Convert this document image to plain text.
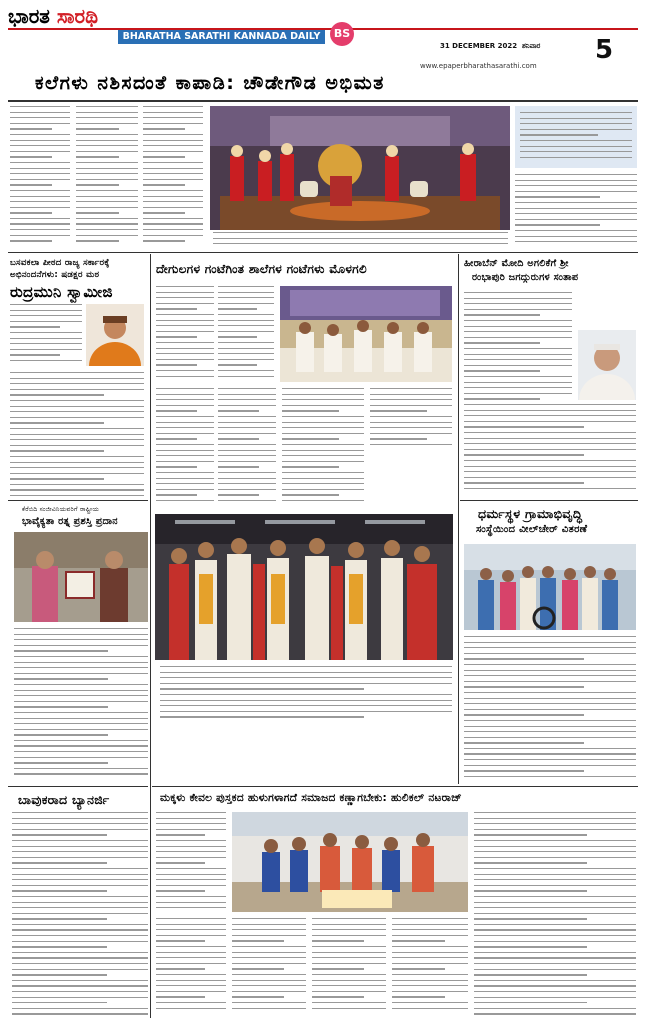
ಭಾರತ ಸಾರಥಿ
BHARATHA SARATHI KANNADA DAILY	BS
31 DECEMBER 2022 ಶನಿವಾರ 5
www.epaperbharathasarathi.com
ಕಲೆಗಳು ನಶಿಸದಂತೆ ಕಾಪಾಡಿ: ಚೌಡೇಗೌಡ ಅಭಿಮತ
ಬಸವಕಲಾ ಪೀಠದ ರಾಜ್ಯ ಸರ್ಕಾರಕ್ಕೆ
ಅಭಿನಂದನೆಗಳು: ಷಡಕ್ಷರ ಮಠ
ರುದ್ರಮುನಿ ಸ್ವಾಮೀಜಿ
ಕೆರೆಬಿದಿ ಸಂಜೀವಿನಿಯವರಿಗೆ ರಾಷ್ಟ್ರೀಯ
ಭಾವೈಕ್ಯತಾ ರತ್ನ ಪ್ರಶಸ್ತಿ ಪ್ರದಾನ
ಬಾವುಕರಾದ ಬ್ಯಾನರ್ಜಿ
ದೇಗುಲಗಳ ಗಂಟೆಗಿಂತ ಶಾಲೆಗಳ ಗಂಟೆಗಳು ಮೊಳಗಲಿ
ಮಕ್ಕಳು ಕೇವಲ ಪುಸ್ತಕದ ಹುಳುಗಳಾಗದೆ ಸಮಾಜದ ಕಣ್ಣಾಗಬೇಕು: ಹುಲಿಕಲ್ ನಟರಾಜ್
ಹೀರಾಬೆನ್ ಮೋದಿ ಅಗಲಿಕೆಗೆ ಶ್ರೀ
ರಂಭಾಪುರಿ ಜಗದ್ಗುರುಗಳ ಸಂತಾಪ
ಧರ್ಮಸ್ಥಳ ಗ್ರಾಮಾಭಿವೃದ್ಧಿ
ಸಂಸ್ಥೆಯಿಂದ ವೀಲ್‌ಚೇರ್ ವಿತರಣೆ
